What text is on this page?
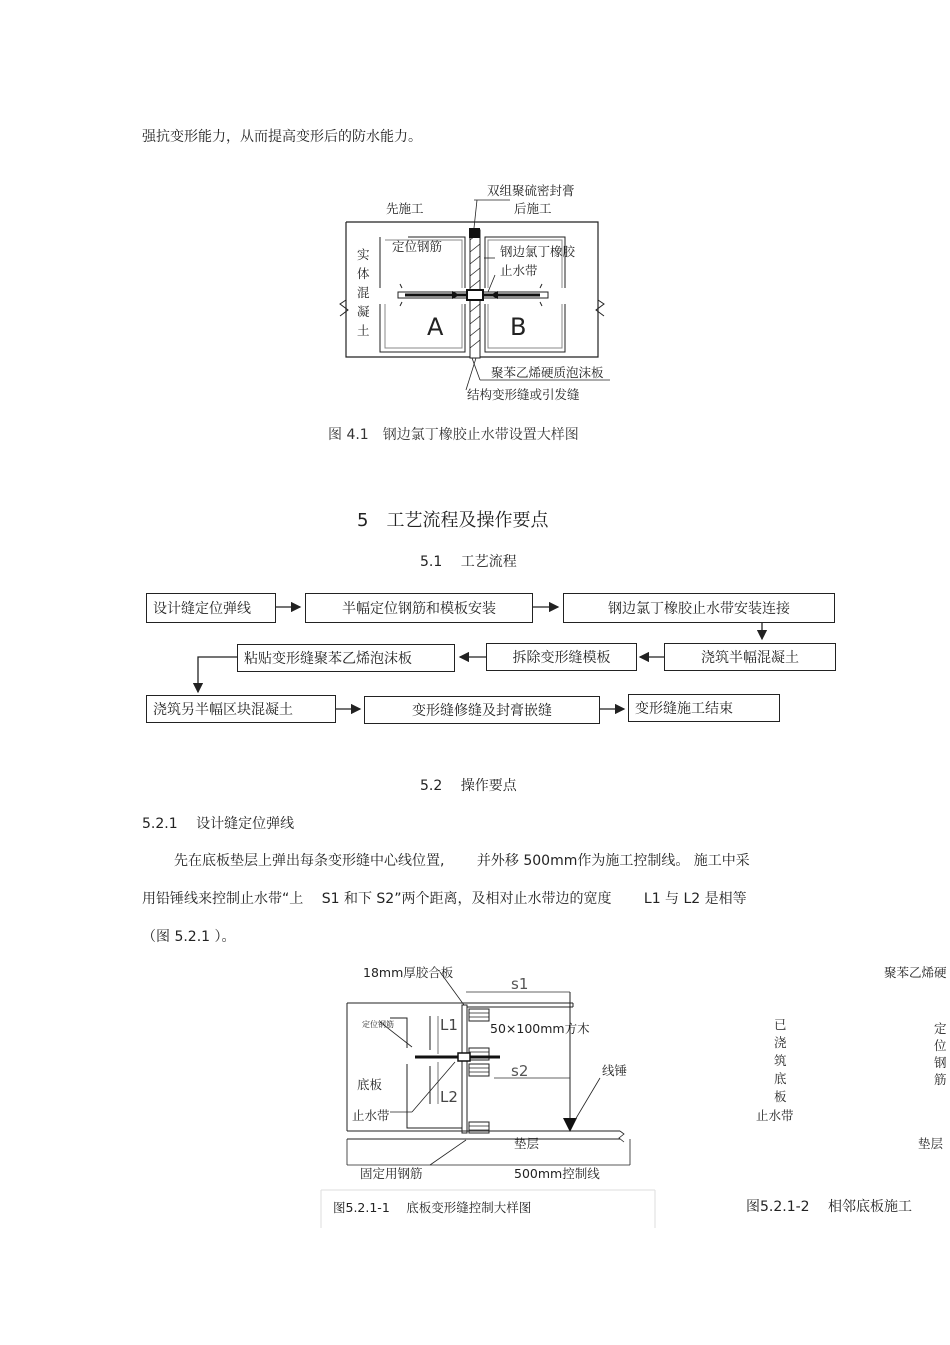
强抗变形能力，从而提高变形后的防水能力。
双组聚硫密封膏
先施工	后施工
定位钢筋	钢边氯丁橡胶
止水带
实
体
混
凝
土 A	B
聚苯乙烯硬质泡沫板
结构变形缝或引发缝
图 4.1　钢边氯丁橡胶止水带设置大样图
5　工艺流程及操作要点
5.1　 工艺流程
设计缝定位弹线	半幅定位钢筋和模板安装	钢边氯丁橡胶止水带安装连接
浇筑半幅混凝土
拆除变形缝模板
粘贴变形缝聚苯乙烯泡沫板
浇筑另半幅区块混凝土	变形缝修缝及封膏嵌缝	变形缝施工结束
5.2　 操作要点
5.2.1　 设计缝定位弹线
先在底板垫层上弹出每条变形缝中心线位置,　　 并外移 500mm作为施工控制线。 施工中采
用铅锤线来控制止水带“上　 S1 和下 S2”两个距离，及相对止水带边的宽度　　 L1 与 L2 是相等
（图 5.2.1 ）。
18mm厚胶合板
s1
定位钢筋	L1	50×100mm方木
s2	线锤
底板
L2
止水带
垫层
固定用钢筋	500mm控制线
图5.2.1-1　 底板变形缝控制大样图
聚苯乙烯硬
已
浇
筑
底
板
定
位
钢
筋
止水带
垫层
图5.2.1-2　 相邻底板施工
